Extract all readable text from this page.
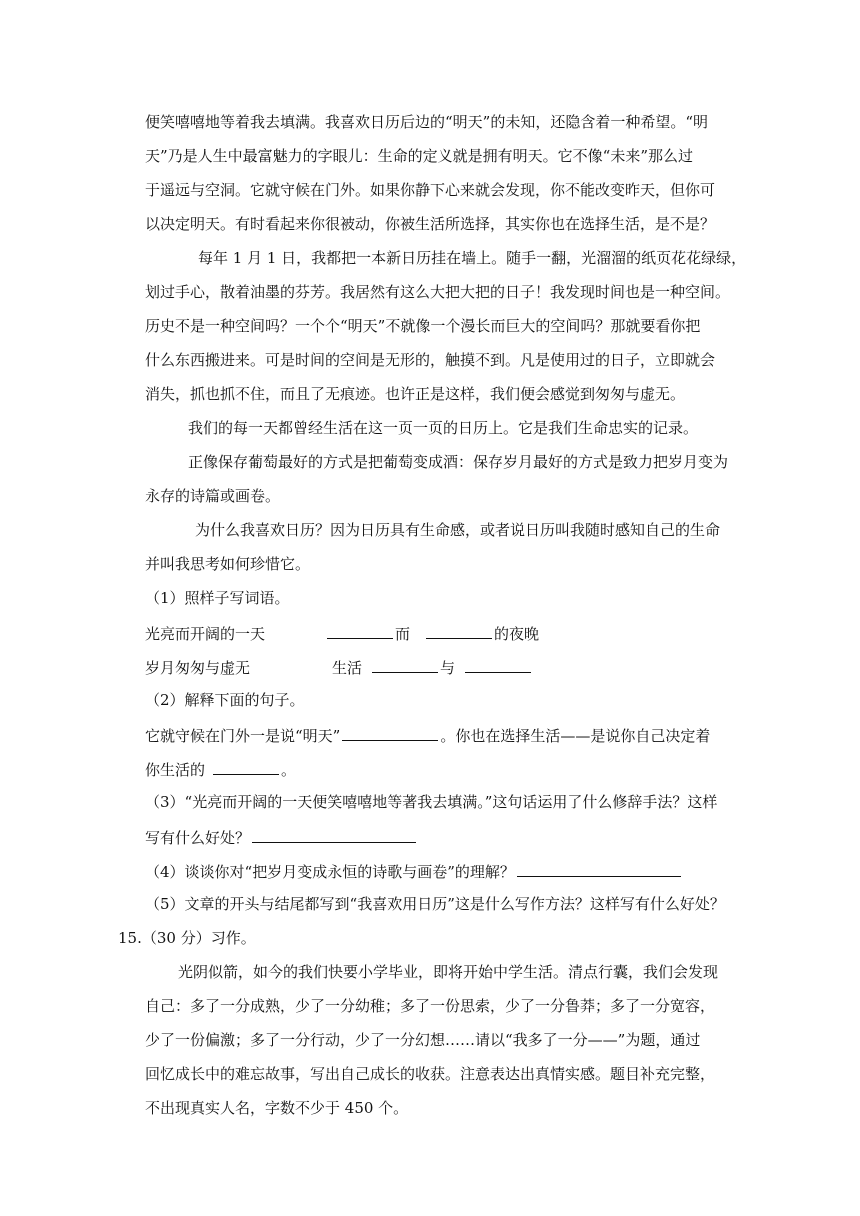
便笑嘻嘻地等着我去填满。我喜欢日历后边的“明天”的未知，还隐含着一种希望。“明
天”乃是人生中最富魅力的字眼儿：生命的定义就是拥有明天。它不像“未来”那么过
于遥远与空洞。它就守候在门外。如果你静下心来就会发现，你不能改变昨天，但你可
以决定明天。有时看起来你很被动，你被生活所选择，其实你也在选择生活，是不是？
每年 1 月 1 日，我都把一本新日历挂在墙上。随手一翻，光溜溜的纸页花花绿绿，
划过手心，散着油墨的芬芳。我居然有这么大把大把的日子！我发现时间也是一种空间。
历史不是一种空间吗？一个个“明天”不就像一个漫长而巨大的空间吗？那就要看你把
什么东西搬进来。可是时间的空间是无形的，触摸不到。凡是使用过的日子，立即就会
消失，抓也抓不住，而且了无痕迹。也许正是这样，我们便会感觉到匆匆与虚无。
我们的每一天都曾经生活在这一页一页的日历上。它是我们生命忠实的记录。
正像保存葡萄最好的方式是把葡萄变成酒：保存岁月最好的方式是致力把岁月变为
永存的诗篇或画卷。
为什么我喜欢日历？因为日历具有生命感，或者说日历叫我随时感知自己的生命
并叫我思考如何珍惜它。
（1）照样子写词语。
光亮而开阔的一天	而	的夜晚
岁月匆匆与虚无	生活	与
（2）解释下面的句子。
它就守候在门外一是说“明天”	。你也在选择生活——是说你自己决定着
你生活的	。
（3）“光亮而开阔的一天便笑嘻嘻地等著我去填满。”这句话运用了什么修辞手法？这样
写有什么好处？
（4）谈谈你对“把岁月变成永恒的诗歌与画卷”的理解？
（5）文章的开头与结尾都写到“我喜欢用日历”这是什么写作方法？这样写有什么好处？
15.（30 分）习作。
光阴似箭，如今的我们快要小学毕业，即将开始中学生活。清点行囊，我们会发现
自己：多了一分成熟，少了一分幼稚；多了一份思索，少了一分鲁莽；多了一分宽容，
少了一份偏激；多了一分行动，少了一分幻想……请以“我多了一分——”为题，通过
回忆成长中的难忘故事，写出自己成长的收获。注意表达出真情实感。题目补充完整，
不出现真实人名，字数不少于 450 个。
